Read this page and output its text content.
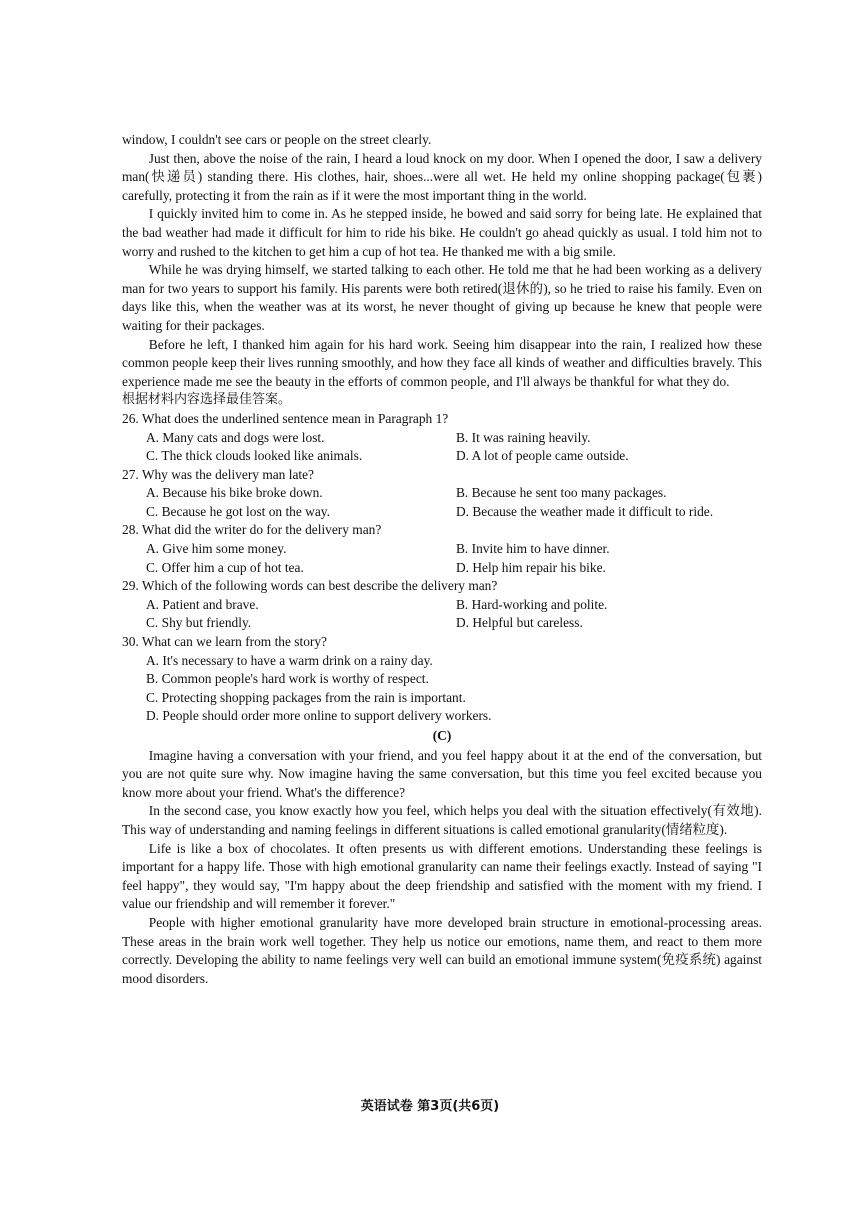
window, I couldn't see cars or people on the street clearly.

Just then, above the noise of the rain, I heard a loud knock on my door. When I opened the door, I saw a delivery man(快递员) standing there. His clothes, hair, shoes...were all wet. He held my online shopping package(包裹) carefully, protecting it from the rain as if it were the most important thing in the world.

I quickly invited him to come in. As he stepped inside, he bowed and said sorry for being late. He explained that the bad weather had made it difficult for him to ride his bike. He couldn't go ahead quickly as usual. I told him not to worry and rushed to the kitchen to get him a cup of hot tea. He thanked me with a big smile.

While he was drying himself, we started talking to each other. He told me that he had been working as a delivery man for two years to support his family. His parents were both retired(退休的), so he tried to raise his family. Even on days like this, when the weather was at its worst, he never thought of giving up because he knew that people were waiting for their packages.

Before he left, I thanked him again for his hard work. Seeing him disappear into the rain, I realized how these common people keep their lives running smoothly, and how they face all kinds of weather and difficulties bravely. This experience made me see the beauty in the efforts of common people, and I'll always be thankful for what they do.

根据材料内容选择最佳答案。

26. What does the underlined sentence mean in Paragraph 1?

A. Many cats and dogs were lost.	B. It was raining heavily.
C. The thick clouds looked like animals.	D. A lot of people came outside.

27. Why was the delivery man late?

A. Because his bike broke down.	B. Because he sent too many packages.
C. Because he got lost on the way.	D. Because the weather made it difficult to ride.

28. What did the writer do for the delivery man?

A. Give him some money.	B. Invite him to have dinner.
C. Offer him a cup of hot tea.	D. Help him repair his bike.

29. Which of the following words can best describe the delivery man?

A. Patient and brave.	B. Hard-working and polite.
C. Shy but friendly.	D. Helpful but careless.

30. What can we learn from the story?

A. It's necessary to have a warm drink on a rainy day.
B. Common people's hard work is worthy of respect.
C. Protecting shopping packages from the rain is important.
D. People should order more online to support delivery workers.

(C)

Imagine having a conversation with your friend, and you feel happy about it at the end of the conversation, but you are not quite sure why. Now imagine having the same conversation, but this time you feel excited because you know more about your friend. What's the difference?

In the second case, you know exactly how you feel, which helps you deal with the situation effectively(有效地). This way of understanding and naming feelings in different situations is called emotional granularity(情绪粒度).

Life is like a box of chocolates. It often presents us with different emotions. Understanding these feelings is important for a happy life. Those with high emotional granularity can name their feelings exactly. Instead of saying "I feel happy", they would say, "I'm happy about the deep friendship and satisfied with the moment with my friend. I value our friendship and will remember it forever."

People with higher emotional granularity have more developed brain structure in emotional-processing areas. These areas in the brain work well together. They help us notice our emotions, name them, and react to them more correctly. Developing the ability to name feelings very well can build an emotional immune system(免疫系统) against mood disorders.

英语试卷 第3页(共6页)
